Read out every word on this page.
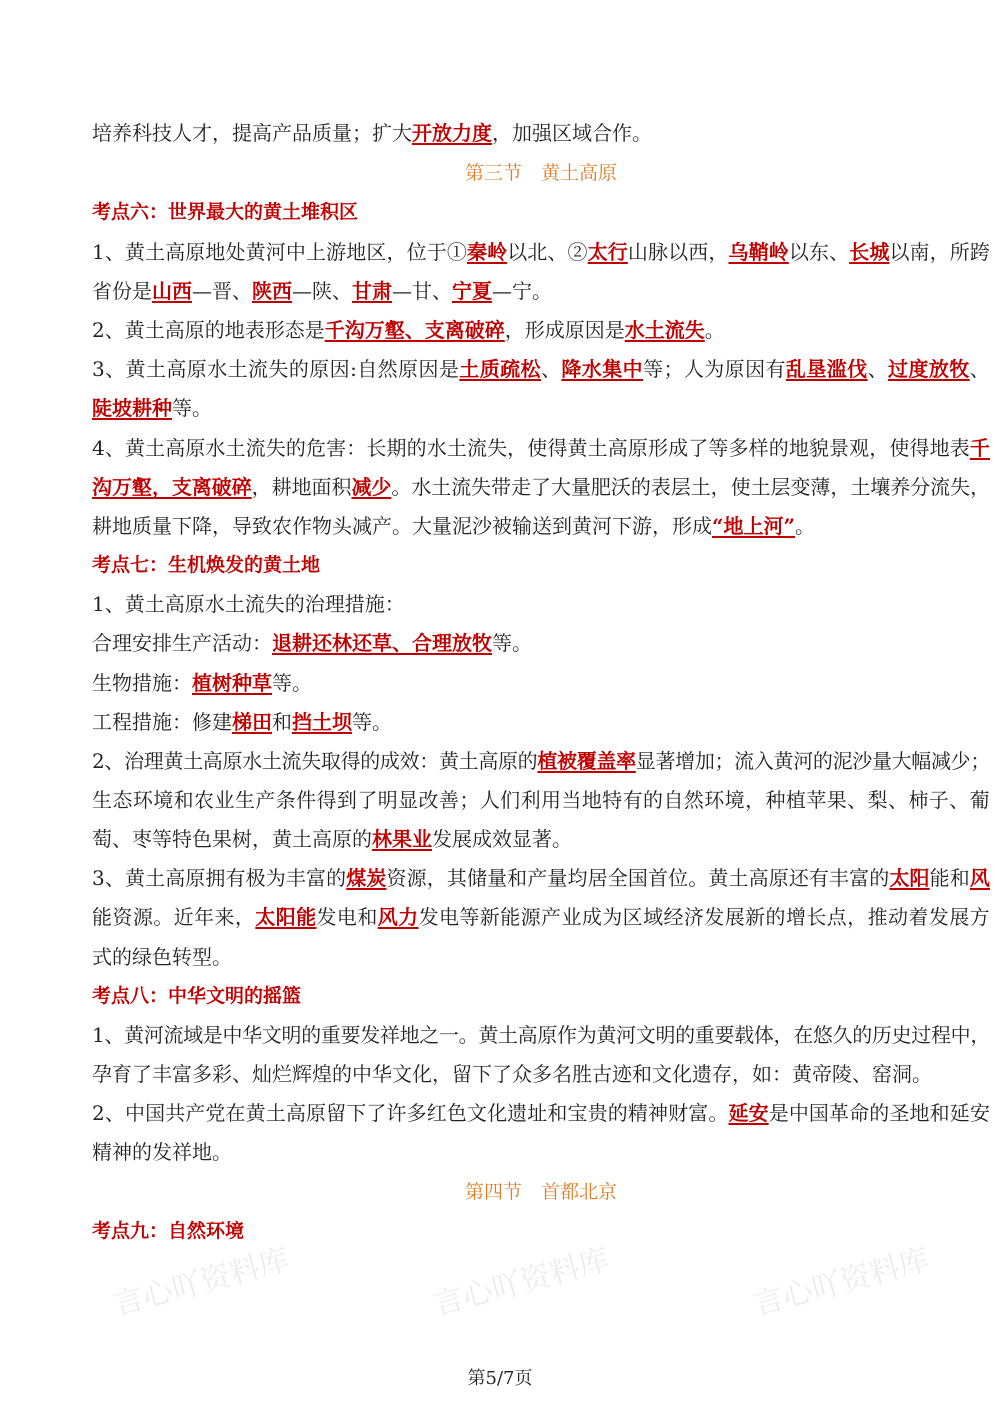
言心吖资料库	言心吖资料库	言心吖资料库
培养科技人才，提高产品质量；扩大开放力度，加强区域合作。
第三节　黄土高原
考点六：世界最大的黄土堆积区
1、黄土高原地处黄河中上游地区，位于①秦岭以北、②太行山脉以西，乌鞘岭以东、长城以南，所跨
省份是山西—晋、陕西—陕、甘肃—甘、宁夏—宁。
2、黄土高原的地表形态是千沟万壑、支离破碎，形成原因是水土流失。
3、黄土高原水土流失的原因:自然原因是土质疏松、降水集中等；人为原因有乱垦滥伐、过度放牧、
陡坡耕种等。
4、黄土高原水土流失的危害：长期的水土流失，使得黄土高原形成了等多样的地貌景观，使得地表千
沟万壑，支离破碎，耕地面积减少。水土流失带走了大量肥沃的表层土，使土层变薄，土壤养分流失，
耕地质量下降，导致农作物头减产。大量泥沙被输送到黄河下游，形成“地上河”。
考点七：生机焕发的黄土地
1、黄土高原水土流失的治理措施：
合理安排生产活动：退耕还林还草、合理放牧等。
生物措施：植树种草等。
工程措施：修建梯田和挡土坝等。
2、治理黄土高原水土流失取得的成效：黄土高原的植被覆盖率显著增加；流入黄河的泥沙量大幅减少；
生态环境和农业生产条件得到了明显改善；人们利用当地特有的自然环境，种植苹果、梨、柿子、葡
萄、枣等特色果树，黄土高原的林果业发展成效显著。
3、黄土高原拥有极为丰富的煤炭资源，其储量和产量均居全国首位。黄土高原还有丰富的太阳能和风
能资源。近年来，太阳能发电和风力发电等新能源产业成为区域经济发展新的增长点，推动着发展方
式的绿色转型。
考点八：中华文明的摇篮
1、黄河流域是中华文明的重要发祥地之一。黄土高原作为黄河文明的重要载体，在悠久的历史过程中，
孕育了丰富多彩、灿烂辉煌的中华文化，留下了众多名胜古迹和文化遗存，如：黄帝陵、窑洞。
2、中国共产党在黄土高原留下了许多红色文化遗址和宝贵的精神财富。延安是中国革命的圣地和延安
精神的发祥地。
第四节　首都北京
考点九：自然环境
第5/7页
